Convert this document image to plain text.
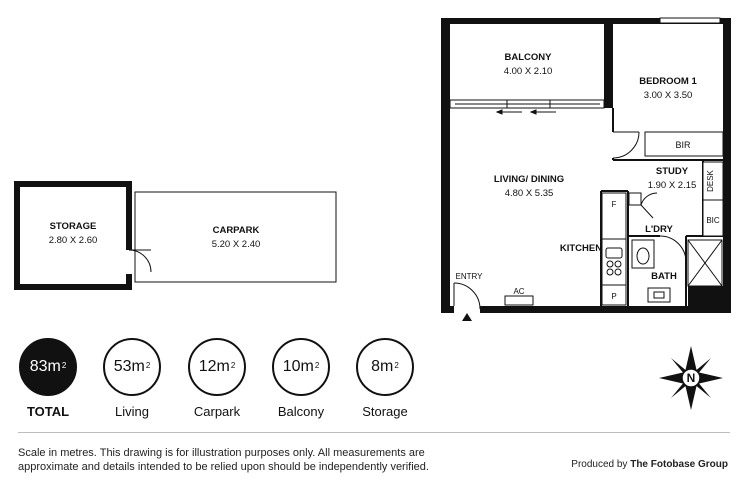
N
BALCONY
4.00 X 2.10
BEDROOM 1
3.00 X 3.50
BIR
LIVING/ DINING
4.80 X 5.35
STUDY
1.90 X 2.15 DESK
BIC
L'DRY
KITCHEN
BATH
ENTRY
AC
F
P
STORAGE
2.80 X 2.60
CARPARK
5.20 X 2.40
$83m^2$
TOTAL
$53m^2$
Living
$12m^2$
Carpark
$10m^2$
Balcony
$8m^2$
Storage
Scale in metres. This drawing is for illustration purposes only. All measurements are approximate and details intended to be relied upon should be independently verified.	Produced by The Fotobase Group
